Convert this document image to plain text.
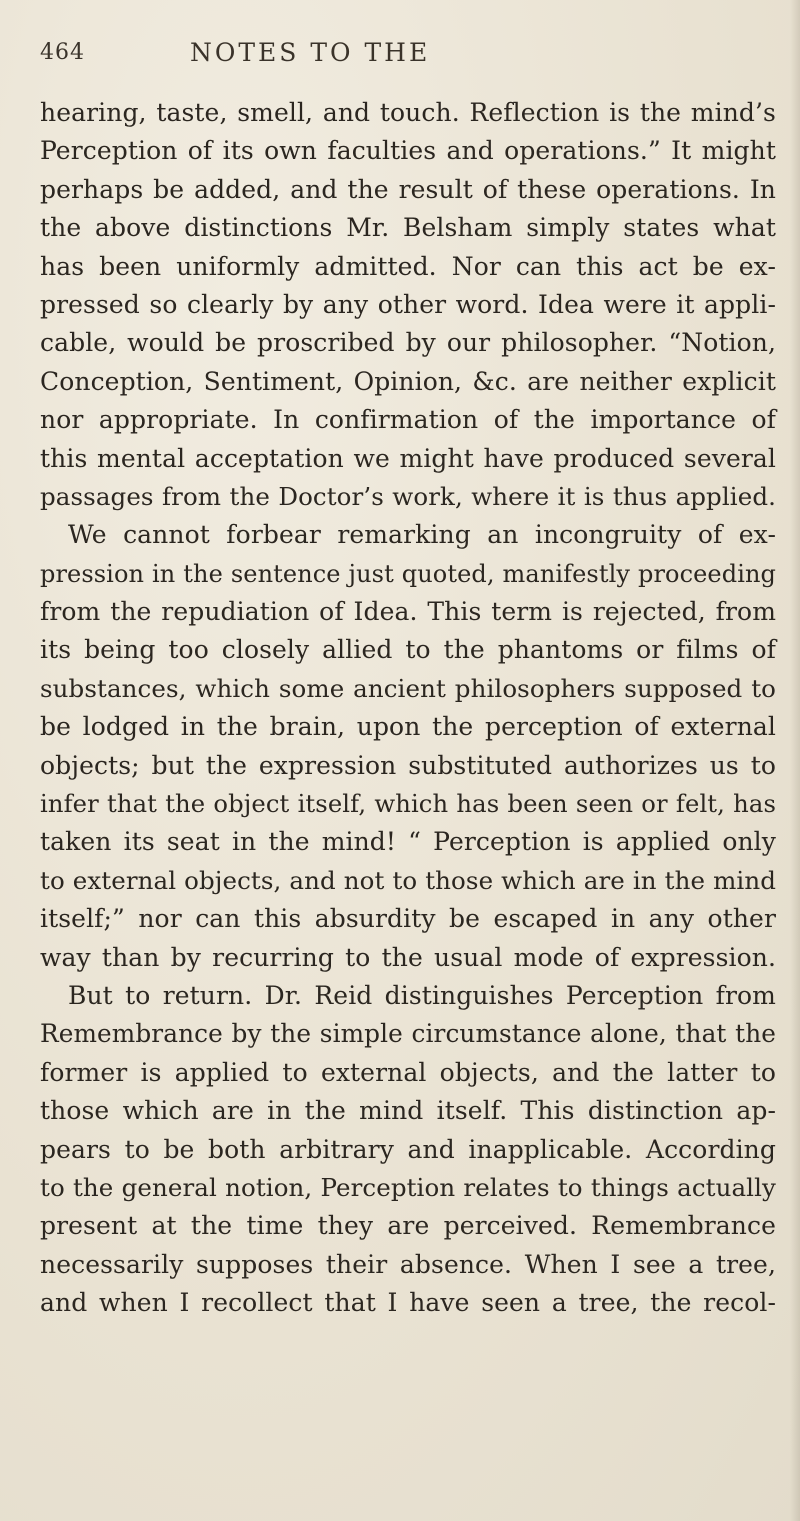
464	NOTES TO THE
hearing, taste, smell, and touch. Reflection is the mind’s
Perception of its own faculties and operations.” It might
perhaps be added, and the result of these operations. In
the above distinctions Mr. Belsham simply states what
has been uniformly admitted. Nor can this act be ex-
pressed so clearly by any other word. Idea were it appli-
cable, would be proscribed by our philosopher. “Notion,
Conception, Sentiment, Opinion, &c. are neither explicit
nor appropriate. In confirmation of the importance of
this mental acceptation we might have produced several
passages from the Doctor’s work, where it is thus applied.
We cannot forbear remarking an incongruity of ex-
pression in the sentence just quoted, manifestly proceeding
from the repudiation of Idea. This term is rejected, from
its being too closely allied to the phantoms or films of
substances, which some ancient philosophers supposed to
be lodged in the brain, upon the perception of external
objects; but the expression substituted authorizes us to
infer that the object itself, which has been seen or felt, has
taken its seat in the mind! “ Perception is applied only
to external objects, and not to those which are in the mind
itself;” nor can this absurdity be escaped in any other
way than by recurring to the usual mode of expression.
But to return. Dr. Reid distinguishes Perception from
Remembrance by the simple circumstance alone, that the
former is applied to external objects, and the latter to
those which are in the mind itself. This distinction ap-
pears to be both arbitrary and inapplicable. According
to the general notion, Perception relates to things actually
present at the time they are perceived. Remembrance
necessarily supposes their absence. When I see a tree,
and when I recollect that I have seen a tree, the recol-
